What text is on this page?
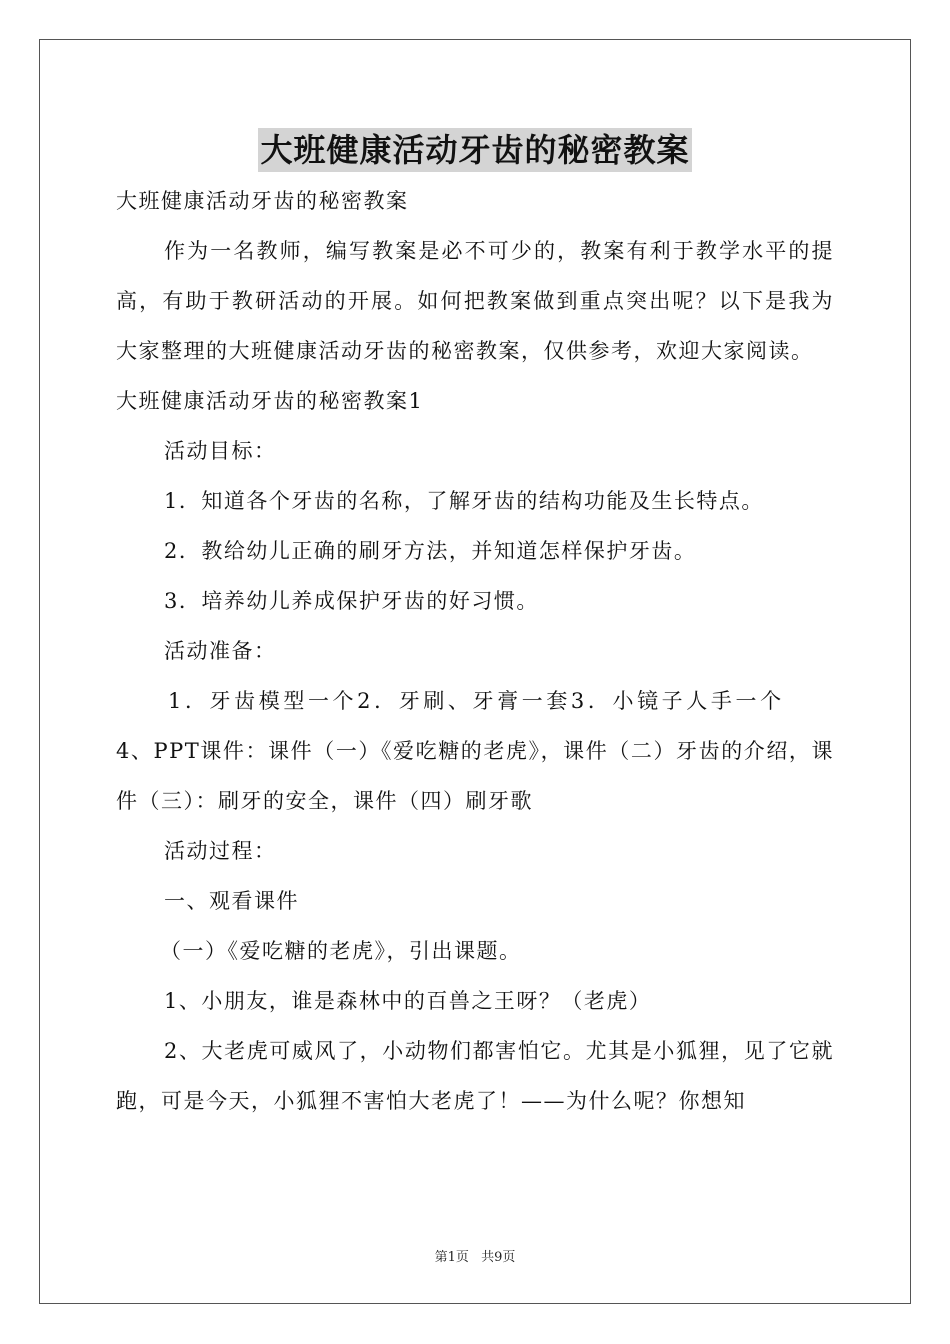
大班健康活动牙齿的秘密教案

大班健康活动牙齿的秘密教案

作为一名教师，编写教案是必不可少的，教案有利于教学水平的提高，有助于教研活动的开展。如何把教案做到重点突出呢？以下是我为大家整理的大班健康活动牙齿的秘密教案，仅供参考，欢迎大家阅读。

大班健康活动牙齿的秘密教案1

活动目标：

1．知道各个牙齿的名称，了解牙齿的结构功能及生长特点。

2．教给幼儿正确的刷牙方法，并知道怎样保护牙齿。

3．培养幼儿养成保护牙齿的好习惯。

活动准备：

1．牙齿模型一个2．牙刷、牙膏一套3．小镜子人手一个

4、PPT课件：课件（一）《爱吃糖的老虎》，课件（二）牙齿的介绍，课件（三）：刷牙的安全，课件（四）刷牙歌

活动过程：

一、观看课件

（一）《爱吃糖的老虎》，引出课题。

1、小朋友，谁是森林中的百兽之王呀？（老虎）

2、大老虎可威风了，小动物们都害怕它。尤其是小狐狸，见了它就跑，可是今天，小狐狸不害怕大老虎了！——为什么呢？你想知

第1页 共9页
